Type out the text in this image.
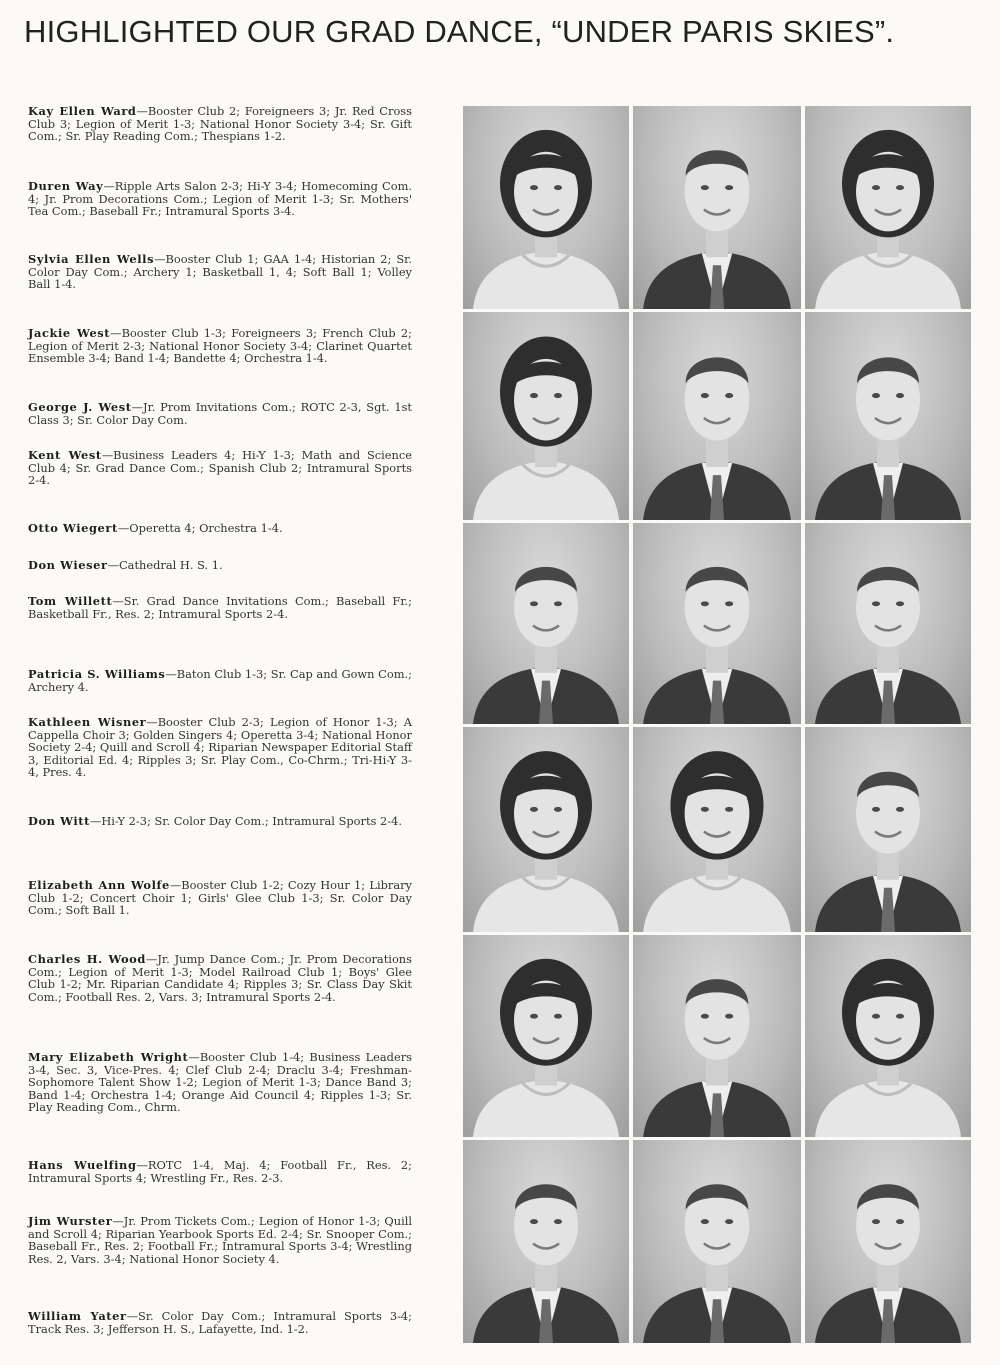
HIGHLIGHTED OUR GRAD DANCE, “UNDER PARIS SKIES”.

Kay Ellen Ward—Booster Club 2; Foreigneers 3; Jr. Red Cross Club 3; Legion of Merit 1-3; National Honor Society 3-4; Sr. Gift Com.; Sr. Play Reading Com.; Thespians 1-2.

Duren Way—Ripple Arts Salon 2-3; Hi-Y 3-4; Homecoming Com. 4; Jr. Prom Decorations Com.; Legion of Merit 1-3; Sr. Mothers' Tea Com.; Baseball Fr.; Intramural Sports 3-4.

Sylvia Ellen Wells—Booster Club 1; GAA 1-4; Historian 2; Sr. Color Day Com.; Archery 1; Basketball 1, 4; Soft Ball 1; Volley Ball 1-4.

Jackie West—Booster Club 1-3; Foreigneers 3; French Club 2; Legion of Merit 2-3; National Honor Society 3-4; Clarinet Quartet Ensemble 3-4; Band 1-4; Bandette 4; Orchestra 1-4.

George J. West—Jr. Prom Invitations Com.; ROTC 2-3, Sgt. 1st Class 3; Sr. Color Day Com.

Kent West—Business Leaders 4; Hi-Y 1-3; Math and Science Club 4; Sr. Grad Dance Com.; Spanish Club 2; Intramural Sports 2-4.

Otto Wiegert—Operetta 4; Orchestra 1-4.

Don Wieser—Cathedral H. S. 1.

Tom Willett—Sr. Grad Dance Invitations Com.; Baseball Fr.; Basketball Fr., Res. 2; Intramural Sports 2-4.

Patricia S. Williams—Baton Club 1-3; Sr. Cap and Gown Com.; Archery 4.

Kathleen Wisner—Booster Club 2-3; Legion of Honor 1-3; A Cappella Choir 3; Golden Singers 4; Operetta 3-4; National Honor Society 2-4; Quill and Scroll 4; Riparian Newspaper Editorial Staff 3, Editorial Ed. 4; Ripples 3; Sr. Play Com., Co-Chrm.; Tri-Hi-Y 3-4, Pres. 4.

Don Witt—Hi-Y 2-3; Sr. Color Day Com.; Intramural Sports 2-4.

Elizabeth Ann Wolfe—Booster Club 1-2; Cozy Hour 1; Library Club 1-2; Concert Choir 1; Girls' Glee Club 1-3; Sr. Color Day Com.; Soft Ball 1.

Charles H. Wood—Jr. Jump Dance Com.; Jr. Prom Decorations Com.; Legion of Merit 1-3; Model Railroad Club 1; Boys' Glee Club 1-2; Mr. Riparian Candidate 4; Ripples 3; Sr. Class Day Skit Com.; Football Res. 2, Vars. 3; Intramural Sports 2-4.

Mary Elizabeth Wright—Booster Club 1-4; Business Leaders 3-4, Sec. 3, Vice-Pres. 4; Clef Club 2-4; Draclu 3-4; Freshman-Sophomore Talent Show 1-2; Legion of Merit 1-3; Dance Band 3; Band 1-4; Orchestra 1-4; Orange Aid Council 4; Ripples 1-3; Sr. Play Reading Com., Chrm.

Hans Wuelfing—ROTC 1-4, Maj. 4; Football Fr., Res. 2; Intramural Sports 4; Wrestling Fr., Res. 2-3.

Jim Wurster—Jr. Prom Tickets Com.; Legion of Honor 1-3; Quill and Scroll 4; Riparian Yearbook Sports Ed. 2-4; Sr. Snooper Com.; Baseball Fr., Res. 2; Football Fr.; Intramural Sports 3-4; Wrestling Res. 2, Vars. 3-4; National Honor Society 4.

William Yater—Sr. Color Day Com.; Intramural Sports 3-4; Track Res. 3; Jefferson H. S., Lafayette, Ind. 1-2.
